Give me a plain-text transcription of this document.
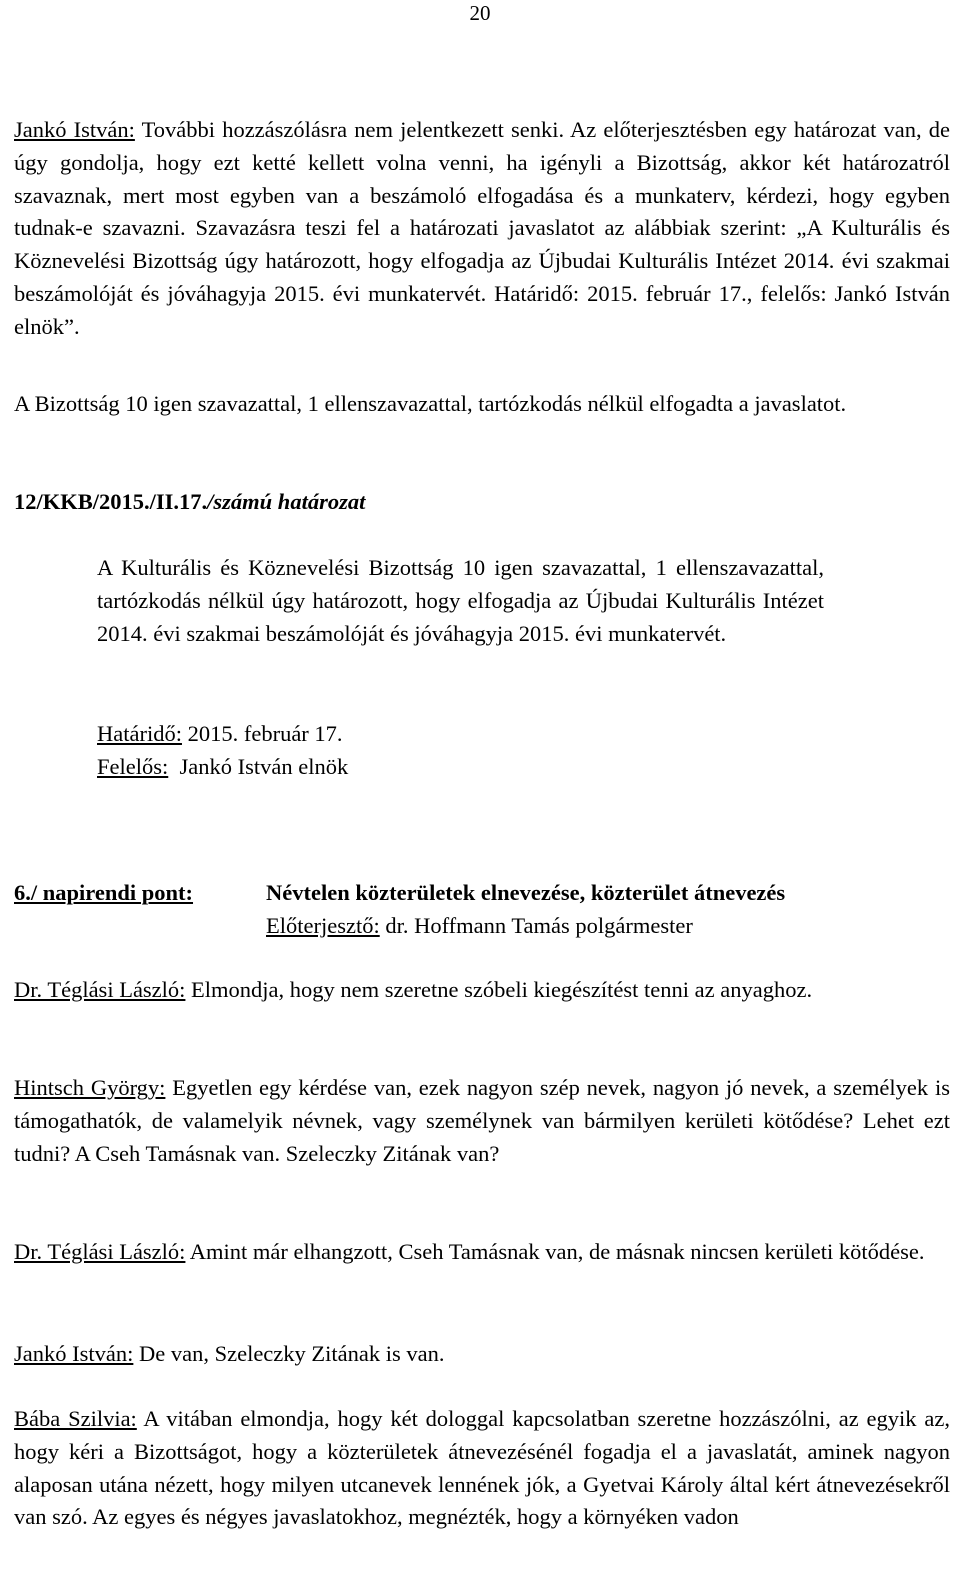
20
Jankó István: További hozzászólásra nem jelentkezett senki. Az előterjesztésben egy határozat van, de úgy gondolja, hogy ezt ketté kellett volna venni, ha igényli a Bizottság, akkor két határozatról szavaznak, mert most egyben van a beszámoló elfogadása és a munkaterv, kérdezi, hogy egyben tudnak-e szavazni. Szavazásra teszi fel a határozati javaslatot az alábbiak szerint: „A Kulturális és Köznevelési Bizottság úgy határozott, hogy elfogadja az Újbudai Kulturális Intézet 2014. évi szakmai beszámolóját és jóváhagyja 2015. évi munkatervét. Határidő: 2015. február 17., felelős: Jankó István elnök”.
A Bizottság 10 igen szavazattal, 1 ellenszavazattal, tartózkodás nélkül elfogadta a javaslatot.
12/KKB/2015./II.17./számú határozat
A Kulturális és Köznevelési Bizottság 10 igen szavazattal, 1 ellenszavazattal, tartózkodás nélkül úgy határozott, hogy elfogadja az Újbudai Kulturális Intézet 2014. évi szakmai beszámolóját és jóváhagyja 2015. évi munkatervét.
Határidő: 2015. február 17.
Felelős:  Jankó István elnök
6./ napirendi pont:	Névtelen közterületek elnevezése, közterület átnevezés
Előterjesztő: dr. Hoffmann Tamás polgármester
Dr. Téglási László: Elmondja, hogy nem szeretne szóbeli kiegészítést tenni az anyaghoz.
Hintsch György: Egyetlen egy kérdése van, ezek nagyon szép nevek, nagyon jó nevek, a személyek is támogathatók, de valamelyik névnek, vagy személynek van bármilyen kerületi kötődése? Lehet ezt tudni? A Cseh Tamásnak van. Szeleczky Zitának van?
Dr. Téglási László: Amint már elhangzott, Cseh Tamásnak van, de másnak nincsen kerületi kötődése.
Jankó István: De van, Szeleczky Zitának is van.
Bába Szilvia: A vitában elmondja, hogy két dologgal kapcsolatban szeretne hozzászólni, az egyik az, hogy kéri a Bizottságot, hogy a közterületek átnevezésénél fogadja el a javaslatát, aminek nagyon alaposan utána nézett, hogy milyen utcanevek lennének jók, a Gyetvai Károly által kért átnevezésekről van szó. Az egyes és négyes javaslatokhoz, megnézték, hogy a környéken vadon
